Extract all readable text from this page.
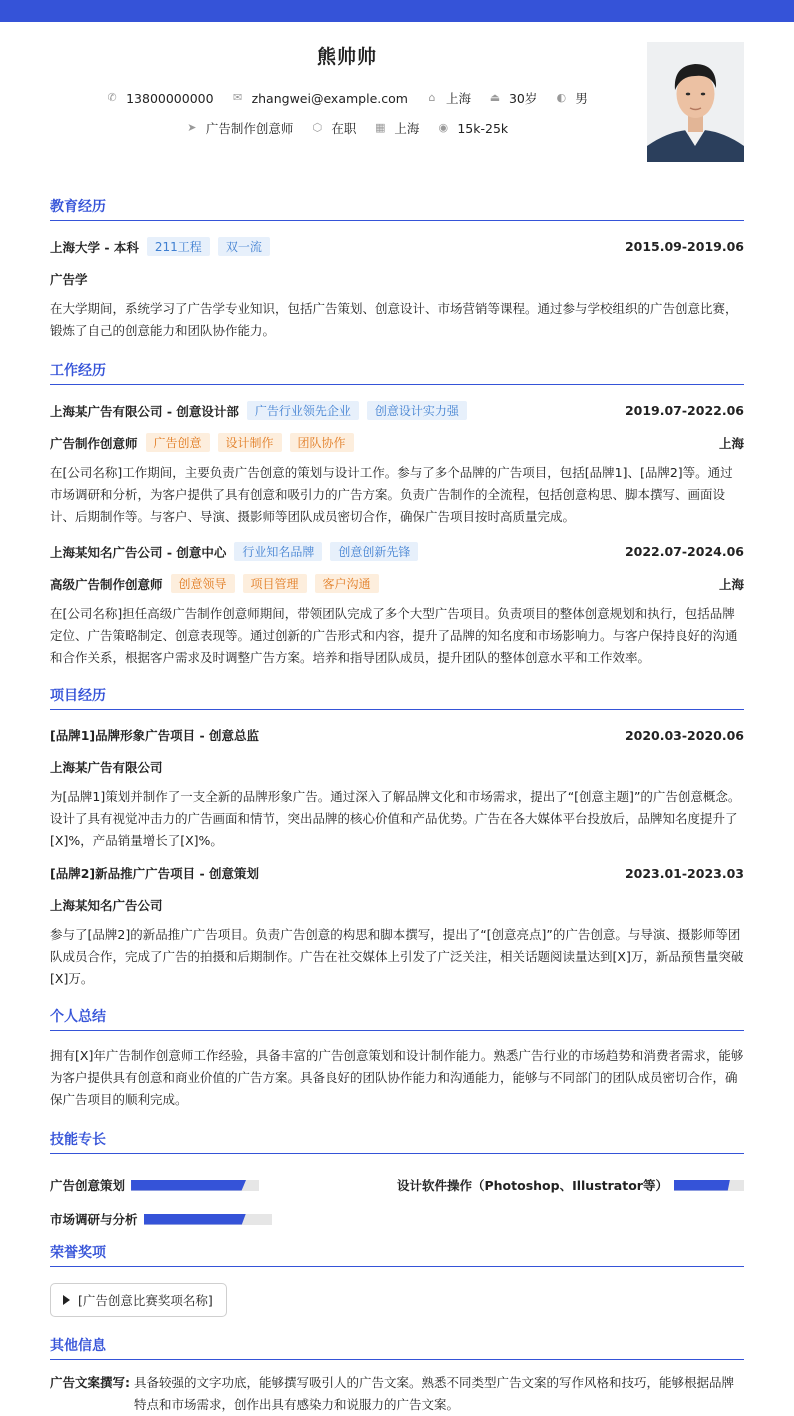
熊帅帅
✆ 13800000000 ✉ zhangwei@example.com ⌂ 上海 ⏏ 30岁 ◐ 男
➤ 广告制作创意师 ⬡ 在职 ▦ 上海 ◉ 15k-25k
教育经历
上海大学 - 本科	211工程	双一流	2015.09-2019.06
广告学
在大学期间，系统学习了广告学专业知识，包括广告策划、创意设计、市场营销等课程。通过参与学校组织的广告创意比赛，锻炼了自己的创意能力和团队协作能力。
工作经历
上海某广告有限公司 - 创意设计部	广告行业领先企业	创意设计实力强	2019.07-2022.06
广告制作创意师	广告创意	设计制作	团队协作	上海
在[公司名称]工作期间，主要负责广告创意的策划与设计工作。参与了多个品牌的广告项目，包括[品牌1]、[品牌2]等。通过市场调研和分析，为客户提供了具有创意和吸引力的广告方案。负责广告制作的全流程，包括创意构思、脚本撰写、画面设计、后期制作等。与客户、导演、摄影师等团队成员密切合作，确保广告项目按时高质量完成。
上海某知名广告公司 - 创意中心	行业知名品牌	创意创新先锋	2022.07-2024.06
高级广告制作创意师	创意领导	项目管理	客户沟通	上海
在[公司名称]担任高级广告制作创意师期间，带领团队完成了多个大型广告项目。负责项目的整体创意规划和执行，包括品牌定位、广告策略制定、创意表现等。通过创新的广告形式和内容，提升了品牌的知名度和市场影响力。与客户保持良好的沟通和合作关系，根据客户需求及时调整广告方案。培养和指导团队成员，提升团队的整体创意水平和工作效率。
项目经历
[品牌1]品牌形象广告项目 - 创意总监	2020.03-2020.06
上海某广告有限公司
为[品牌1]策划并制作了一支全新的品牌形象广告。通过深入了解品牌文化和市场需求，提出了“[创意主题]”的广告创意概念。设计了具有视觉冲击力的广告画面和情节，突出品牌的核心价值和产品优势。广告在各大媒体平台投放后，品牌知名度提升了[X]%，产品销量增长了[X]%。
[品牌2]新品推广广告项目 - 创意策划	2023.01-2023.03
上海某知名广告公司
参与了[品牌2]的新品推广广告项目。负责广告创意的构思和脚本撰写，提出了“[创意亮点]”的广告创意。与导演、摄影师等团队成员合作，完成了广告的拍摄和后期制作。广告在社交媒体上引发了广泛关注，相关话题阅读量达到[X]万，新品预售量突破[X]万。
个人总结
拥有[X]年广告制作创意师工作经验，具备丰富的广告创意策划和设计制作能力。熟悉广告行业的市场趋势和消费者需求，能够为客户提供具有创意和商业价值的广告方案。具备良好的团队协作能力和沟通能力，能够与不同部门的团队成员密切合作，确保广告项目的顺利完成。
技能专长
广告创意策划	设计软件操作（Photoshop、Illustrator等）
市场调研与分析
荣誉奖项
[广告创意比赛奖项名称]
其他信息
广告文案撰写: 具备较强的文字功底，能够撰写吸引人的广告文案。熟悉不同类型广告文案的写作风格和技巧，能够根据品牌特点和市场需求，创作出具有感染力和说服力的广告文案。
